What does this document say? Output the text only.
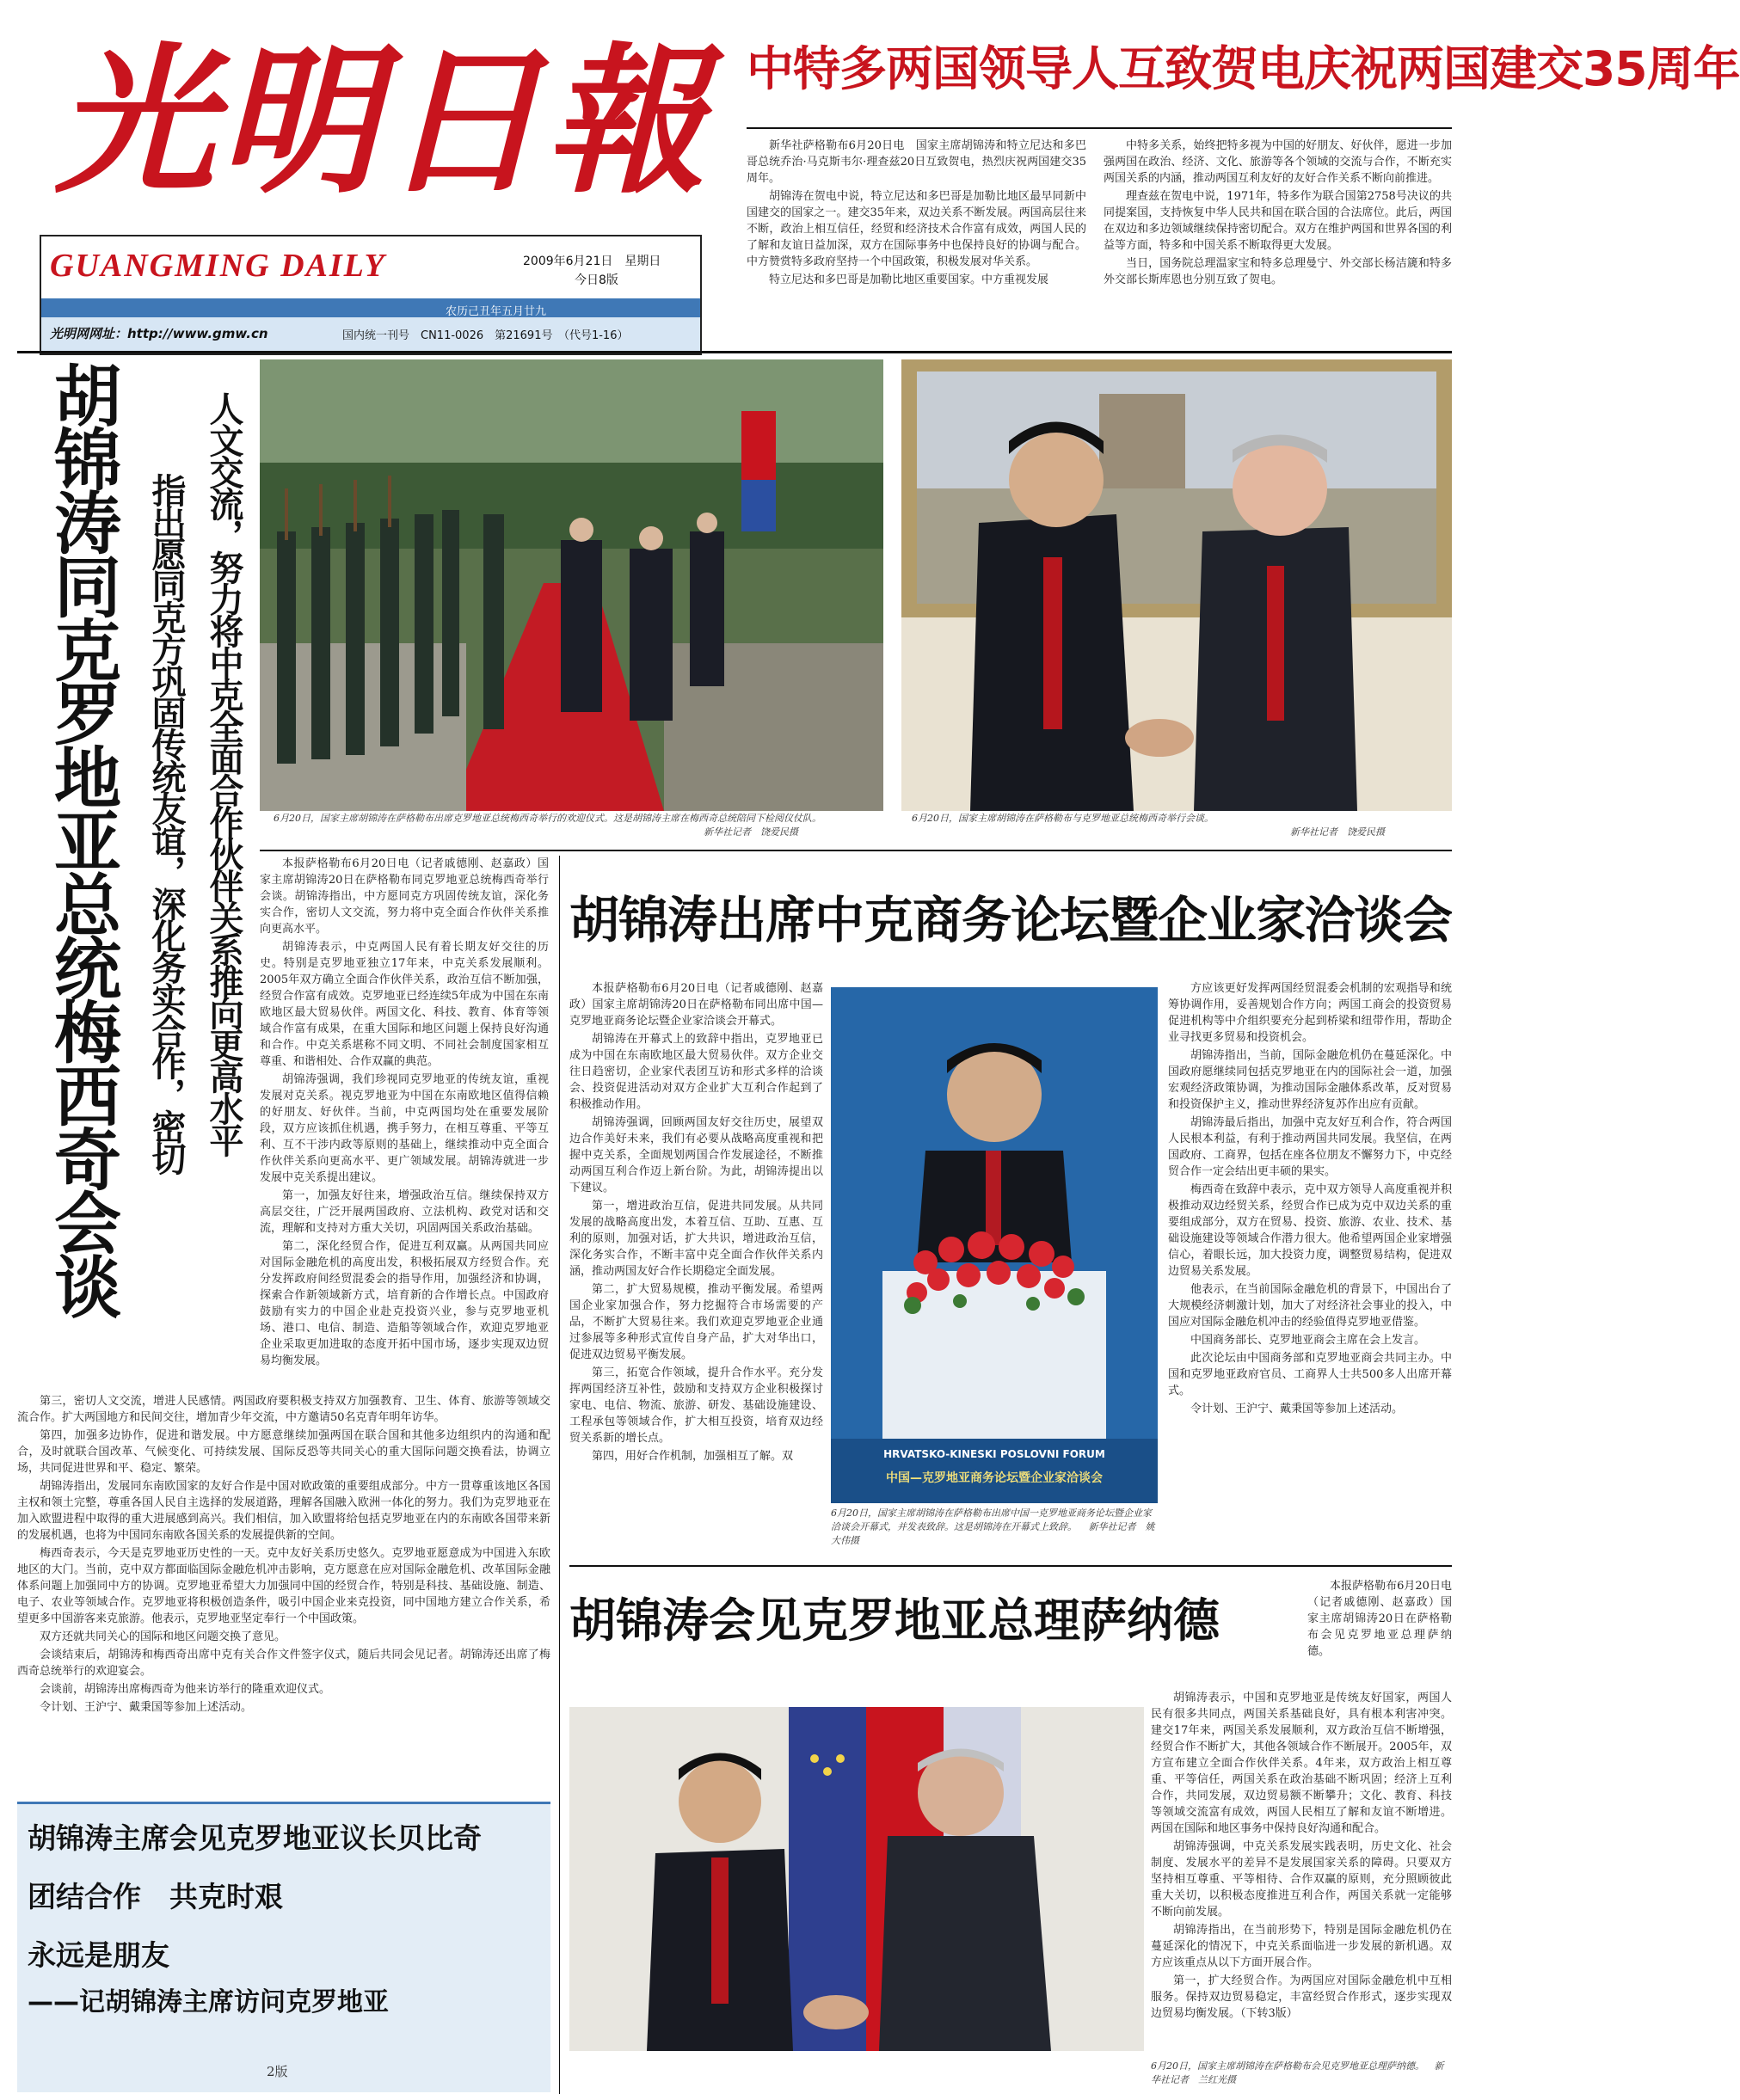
光明日報
GUANGMING DAILY	2009年6月21日　星期日
今日8版
光明网网址：http://www.gmw.cn
农历己丑年五月廿九
国内统一刊号　CN11-0026　第21691号　（代号1-16）
中特多两国领导人互致贺电庆祝两国建交35周年

新华社萨格勒布6月20日电　国家主席胡锦涛和特立尼达和多巴哥总统乔治·马克斯韦尔·理查兹20日互致贺电，热烈庆祝两国建交35周年。

胡锦涛在贺电中说，特立尼达和多巴哥是加勒比地区最早同新中国建交的国家之一。建交35年来，双边关系不断发展。两国高层往来不断，政治上相互信任，经贸和经济技术合作富有成效，两国人民的了解和友谊日益加深，双方在国际事务中也保持良好的协调与配合。中方赞赏特多政府坚持一个中国政策，积极发展对华关系。

特立尼达和多巴哥是加勒比地区重要国家。中方重视发展

中特多关系，始终把特多视为中国的好朋友、好伙伴，愿进一步加强两国在政治、经济、文化、旅游等各个领域的交流与合作，不断充实两国关系的内涵，推动两国互利友好的友好合作关系不断向前推进。

理查兹在贺电中说，1971年，特多作为联合国第2758号决议的共同提案国，支持恢复中华人民共和国在联合国的合法席位。此后，两国在双边和多边领域继续保持密切配合。双方在维护两国和世界各国的利益等方面，特多和中国关系不断取得更大发展。

当日，国务院总理温家宝和特多总理曼宁、外交部长杨洁篪和特多外交部长斯库恩也分别互致了贺电。

胡锦涛同克罗地亚总统梅西奇会谈	人文交流，努力将中克全面合作伙伴关系推向更高水平
指出愿同克方巩固传统友谊，深化务实合作，密切	6月20日，国家主席胡锦涛在萨格勒布出席克罗地亚总统梅西奇举行的欢迎仪式。这是胡锦涛主席在梅西奇总统陪同下检阅仪仗队。
新华社记者　饶爱民摄
6月20日，国家主席胡锦涛在萨格勒布与克罗地亚总统梅西奇举行会谈。
新华社记者　饶爱民摄

本报萨格勒布6月20日电（记者戚德刚、赵嘉政）国家主席胡锦涛20日在萨格勒布同克罗地亚总统梅西奇举行会谈。胡锦涛指出，中方愿同克方巩固传统友谊，深化务实合作，密切人文交流，努力将中克全面合作伙伴关系推向更高水平。

胡锦涛表示，中克两国人民有着长期友好交往的历史。特别是克罗地亚独立17年来，中克关系发展顺利。2005年双方确立全面合作伙伴关系，政治互信不断加强，经贸合作富有成效。克罗地亚已经连续5年成为中国在东南欧地区最大贸易伙伴。两国文化、科技、教育、体育等领域合作富有成果，在重大国际和地区问题上保持良好沟通和合作。中克关系堪称不同文明、不同社会制度国家相互尊重、和谐相处、合作双赢的典范。

胡锦涛强调，我们珍视同克罗地亚的传统友谊，重视发展对克关系。视克罗地亚为中国在东南欧地区值得信赖的好朋友、好伙伴。当前，中克两国均处在重要发展阶段，双方应该抓住机遇，携手努力，在相互尊重、平等互利、互不干涉内政等原则的基础上，继续推动中克全面合作伙伴关系向更高水平、更广领域发展。胡锦涛就进一步发展中克关系提出建议。

第一，加强友好往来，增强政治互信。继续保持双方高层交往，广泛开展两国政府、立法机构、政党对话和交流，理解和支持对方重大关切，巩固两国关系政治基础。

第二，深化经贸合作，促进互利双赢。从两国共同应对国际金融危机的高度出发，积极拓展双方经贸合作。充分发挥政府间经贸混委会的指导作用，加强经济和协调，探索合作新领域新方式，培育新的合作增长点。中国政府鼓励有实力的中国企业赴克投资兴业，参与克罗地亚机场、港口、电信、制造、造船等领域合作，欢迎克罗地亚企业采取更加进取的态度开拓中国市场，逐步实现双边贸易均衡发展。

第三，密切人文交流，增进人民感情。两国政府要积极支持双方加强教育、卫生、体育、旅游等领域交流合作。扩大两国地方和民间交往，增加青少年交流，中方邀请50名克青年明年访华。

第四，加强多边协作，促进和谐发展。中方愿意继续加强两国在联合国和其他多边组织内的沟通和配合，及时就联合国改革、气候变化、可持续发展、国际反恐等共同关心的重大国际问题交换看法，协调立场，共同促进世界和平、稳定、繁荣。

胡锦涛指出，发展同东南欧国家的友好合作是中国对欧政策的重要组成部分。中方一贯尊重该地区各国主权和领土完整，尊重各国人民自主选择的发展道路，理解各国融入欧洲一体化的努力。我们为克罗地亚在加入欧盟进程中取得的重大进展感到高兴。我们相信，加入欧盟将给包括克罗地亚在内的东南欧各国带来新的发展机遇，也将为中国同东南欧各国关系的发展提供新的空间。

梅西奇表示，今天是克罗地亚历史性的一天。克中友好关系历史悠久。克罗地亚愿意成为中国进入东欧地区的大门。当前，克中双方都面临国际金融危机冲击影响，克方愿意在应对国际金融危机、改革国际金融体系问题上加强同中方的协调。克罗地亚希望大力加强同中国的经贸合作，特别是科技、基础设施、制造、电子、农业等领域合作。克罗地亚将积极创造条件，吸引中国企业来克投资，同中国地方建立合作关系，希望更多中国游客来克旅游。他表示，克罗地亚坚定奉行一个中国政策。

双方还就共同关心的国际和地区问题交换了意见。

会谈结束后，胡锦涛和梅西奇出席中克有关合作文件签字仪式，随后共同会见记者。胡锦涛还出席了梅西奇总统举行的欢迎宴会。

会谈前，胡锦涛出席梅西奇为他来访举行的隆重欢迎仪式。

令计划、王沪宁、戴秉国等参加上述活动。

胡锦涛出席中克商务论坛暨企业家洽谈会

本报萨格勒布6月20日电（记者戚德刚、赵嘉政）国家主席胡锦涛20日在萨格勒布同出席中国—克罗地亚商务论坛暨企业家洽谈会开幕式。

胡锦涛在开幕式上的致辞中指出，克罗地亚已成为中国在东南欧地区最大贸易伙伴。双方企业交往日趋密切，企业家代表团互访和形式多样的洽谈会、投资促进活动对双方企业扩大互利合作起到了积极推动作用。

胡锦涛强调，回顾两国友好交往历史，展望双边合作美好未来，我们有必要从战略高度重视和把握中克关系，全面规划两国合作发展途径，不断推动两国互利合作迈上新台阶。为此，胡锦涛提出以下建议。

第一，增进政治互信，促进共同发展。从共同发展的战略高度出发，本着互信、互助、互惠、互利的原则，加强对话，扩大共识，增进政治互信，深化务实合作，不断丰富中克全面合作伙伴关系内涵，推动两国友好合作长期稳定全面发展。

第二，扩大贸易规模，推动平衡发展。希望两国企业家加强合作，努力挖掘符合市场需要的产品，不断扩大贸易往来。我们欢迎克罗地亚企业通过参展等多种形式宣传自身产品，扩大对华出口，促进双边贸易平衡发展。

第三，拓宽合作领域，提升合作水平。充分发挥两国经济互补性，鼓励和支持双方企业积极探讨家电、电信、物流、旅游、研发、基础设施建设、工程承包等领域合作，扩大相互投资，培育双边经贸关系新的增长点。

第四，用好合作机制，加强相互了解。双	HRVATSKO-KINESKI POSLOVNI FORUM
中国—克罗地亚商务论坛暨企业家洽谈会
6月20日，国家主席胡锦涛在萨格勒布出席中国一克罗地亚商务论坛暨企业家洽谈会开幕式，并发表致辞。这是胡锦涛在开幕式上致辞。 新华社记者　姚大伟摄

方应该更好发挥两国经贸混委会机制的宏观指导和统筹协调作用，妥善规划合作方向；两国工商会的投资贸易促进机构等中介组织要充分起到桥梁和纽带作用，帮助企业寻找更多贸易和投资机会。

胡锦涛指出，当前，国际金融危机仍在蔓延深化。中国政府愿继续同包括克罗地亚在内的国际社会一道，加强宏观经济政策协调，为推动国际金融体系改革，反对贸易和投资保护主义，推动世界经济复苏作出应有贡献。

胡锦涛最后指出，加强中克友好互利合作，符合两国人民根本利益，有利于推动两国共同发展。我坚信，在两国政府、工商界，包括在座各位朋友不懈努力下，中克经贸合作一定会结出更丰硕的果实。

梅西奇在致辞中表示，克中双方领导人高度重视并积极推动双边经贸关系，经贸合作已成为克中双边关系的重要组成部分，双方在贸易、投资、旅游、农业、技术、基础设施建设等领域合作潜力很大。他希望两国企业家增强信心，着眼长远，加大投资力度，调整贸易结构，促进双边贸易关系发展。

他表示，在当前国际金融危机的背景下，中国出台了大规模经济刺激计划，加大了对经济社会事业的投入，中国应对国际金融危机冲击的经验值得克罗地亚借鉴。

中国商务部长、克罗地亚商会主席在会上发言。

此次论坛由中国商务部和克罗地亚商会共同主办。中国和克罗地亚政府官员、工商界人士共500多人出席开幕式。

令计划、王沪宁、戴秉国等参加上述活动。

胡锦涛会见克罗地亚总理萨纳德

本报萨格勒布6月20日电（记者戚德刚、赵嘉政）国家主席胡锦涛20日在萨格勒布会见克罗地亚总理萨纳德。

胡锦涛表示，中国和克罗地亚是传统友好国家，两国人民有很多共同点，两国关系基础良好，具有根本利害冲突。建交17年来，两国关系发展顺利，双方政治互信不断增强，经贸合作不断扩大，其他各领域合作不断展开。2005年，双方宣布建立全面合作伙伴关系。4年来，双方政治上相互尊重、平等信任，两国关系在政治基础不断巩固；经济上互利合作，共同发展，双边贸易额不断攀升；文化、教育、科技等领域交流富有成效，两国人民相互了解和友谊不断增进。两国在国际和地区事务中保持良好沟通和配合。

胡锦涛强调，中克关系发展实践表明，历史文化、社会制度、发展水平的差异不是发展国家关系的障碍。只要双方坚持相互尊重、平等相待、合作双赢的原则，充分照顾彼此重大关切，以积极态度推进互利合作，两国关系就一定能够不断向前发展。

胡锦涛指出，在当前形势下，特别是国际金融危机仍在蔓延深化的情况下，中克关系面临进一步发展的新机遇。双方应该重点从以下方面开展合作。

第一，扩大经贸合作。为两国应对国际金融危机中互相服务。保持双边贸易稳定，丰富经贸合作形式，逐步实现双边贸易均衡发展。（下转3版）

6月20日，国家主席胡锦涛在萨格勒布会见克罗地亚总理萨纳德。 新华社记者　兰红光摄
胡锦涛主席会见克罗地亚议长贝比奇
团结合作　共克时艰
永远是朋友
——记胡锦涛主席访问克罗地亚
2版
